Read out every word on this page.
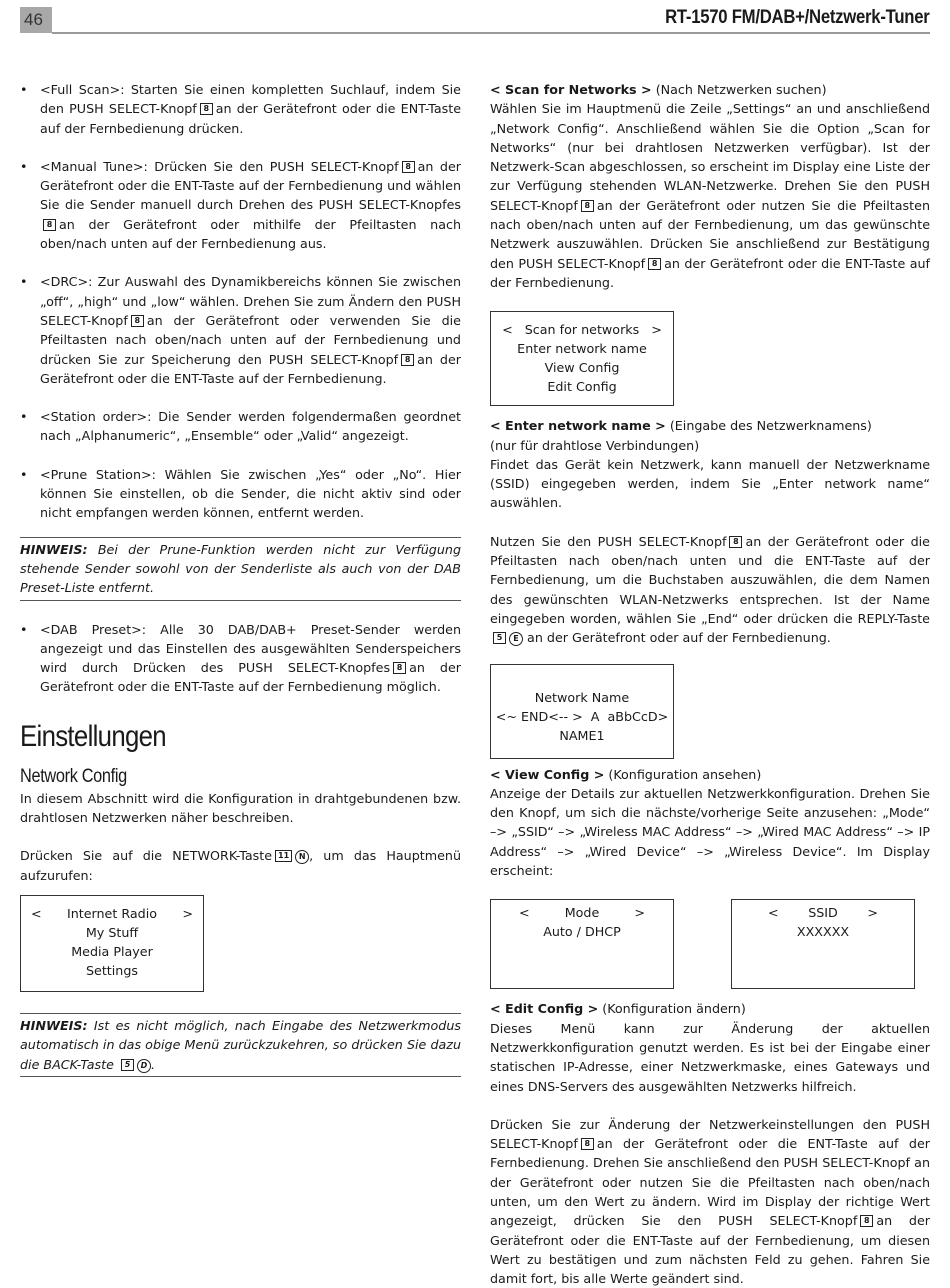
46	RT-1570 FM/DAB+/Netzwerk-Tuner
• <Full Scan>: Starten Sie einen kompletten Suchlauf, indem Sie den PUSH SELECT-Knopf 8 an der Gerätefront oder die ENT-Taste auf der Fernbedienung drücken.
• <Manual Tune>: Drücken Sie den PUSH SELECT-Knopf 8 an der Gerätefront oder die ENT-Taste auf der Fernbedienung und wählen Sie die Sender manuell durch Drehen des PUSH SELECT-Knopfes8 an der Gerätefront oder mithilfe der Pfeiltasten nach oben/nach unten auf der Fernbedienung aus.
• <DRC>: Zur Auswahl des Dynamikbereichs können Sie zwischen „off“, „high“ und „low“ wählen. Drehen Sie zum Ändern den PUSH SELECT-Knopf 8 an der Gerätefront oder verwenden Sie die Pfeiltasten nach oben/nach unten auf der Fernbedienung und drücken Sie zur Speicherung den PUSH SELECT-Knopf 8 an der Gerätefront oder die ENT-Taste auf der Fernbedienung.
• <Station order>: Die Sender werden folgendermaßen geordnet nach „Alphanumeric“, „Ensemble“ oder „Valid“ angezeigt.
• <Prune Station>: Wählen Sie zwischen „Yes“ oder „No“. Hier können Sie einstellen, ob die Sender, die nicht aktiv sind oder nicht empfangen werden können, entfernt werden.
HINWEIS: Bei der Prune-Funktion werden nicht zur Verfügung stehende Sender sowohl von der Senderliste als auch von der DAB Preset-Liste entfernt.
• <DAB Preset>: Alle 30 DAB/DAB+ Preset-Sender werden angezeigt und das Einstellen des ausgewählten Senderspeichers wird durch Drücken des PUSH SELECT-Knopfes 8 an der Gerätefront oder die ENT-Taste auf der Fernbedienung möglich.
Einstellungen
Network Config

In diesem Abschnitt wird die Konfiguration in drahtgebundenen bzw. drahtlosen Netzwerken näher beschreiben.

Drücken Sie auf die NETWORK-Taste 11 N , um das Hauptmenü aufzurufen:

< Internet Radio >
My Stuff
Media Player
Settings
HINWEIS: Ist es nicht möglich, nach Eingabe des Netzwerkmodus automatisch in das obige Menü zurückzukehren, so drücken Sie dazu die BACK-Taste 5 D .

< Scan for Networks > (Nach Netzwerken suchen)

Wählen Sie im Hauptmenü die Zeile „Settings“ an und anschließend „Network Config“. Anschließend wählen Sie die Option „Scan for Networks“ (nur bei drahtlosen Netzwerken verfügbar). Ist der Netzwerk-Scan abgeschlossen, so erscheint im Display eine Liste der zur Verfügung stehenden WLAN-Netzwerke. Drehen Sie den PUSH SELECT-Knopf 8 an der Gerätefront oder nutzen Sie die Pfeiltasten nach oben/nach unten auf der Fernbedienung, um das gewünschte Netzwerk auszuwählen. Drücken Sie anschließend zur Bestätigung den PUSH SELECT-Knopf 8 an der Gerätefront oder die ENT-Taste auf der Fernbedienung.

< Scan for networks >
Enter network name
View Config
Edit Config

< Enter network name > (Eingabe des Netzwerknamens)

(nur für drahtlose Verbindungen)

Findet das Gerät kein Netzwerk, kann manuell der Netzwerkname (SSID) eingegeben werden, indem Sie „Enter network name“ auswählen.

Nutzen Sie den PUSH SELECT-Knopf 8 an der Gerätefront oder die Pfeiltasten nach oben/nach unten und die ENT-Taste auf der Fernbedienung, um die Buchstaben auszuwählen, die dem Namen des gewünschten WLAN-Netzwerks entsprechen. Ist der Name eingegeben worden, wählen Sie „End“ oder drücken die REPLY-Taste 5 E an der Gerätefront oder auf der Fernbedienung.

Network Name
<~ END<-- >  A  aBbCcD>
NAME1

< View Config > (Konfiguration ansehen)

Anzeige der Details zur aktuellen Netzwerkkonfiguration. Drehen Sie den Knopf, um sich die nächste/vorherige Seite anzusehen: „Mode“ –> „SSID“ –> „Wireless MAC Address“ –> „Wired MAC Address“ –> IP Address“ –> „Wired Device“ –> „Wireless Device“. Im Display erscheint:

<	Mode	>
Auto / DHCP
< SSID >
XXXXXX

< Edit Config > (Konfiguration ändern)

Dieses Menü kann zur Änderung der aktuellen Netzwerkkonfiguration genutzt werden. Es ist bei der Eingabe einer statischen IP-Adresse, einer Netzwerkmaske, eines Gateways und eines DNS-Servers des ausgewählten Netzwerks hilfreich.

Drücken Sie zur Änderung der Netzwerkeinstellungen den PUSH SELECT-Knopf 8 an der Gerätefront oder die ENT-Taste auf der Fernbedienung. Drehen Sie anschließend den PUSH SELECT-Knopf an der Gerätefront oder nutzen Sie die Pfeiltasten nach oben/nach unten, um den Wert zu ändern. Wird im Display der richtige Wert angezeigt, drücken Sie den PUSH SELECT-Knopf 8 an der Gerätefront oder die ENT-Taste auf der Fernbedienung, um diesen Wert zu bestätigen und zum nächsten Feld zu gehen. Fahren Sie damit fort, bis alle Werte geändert sind.
